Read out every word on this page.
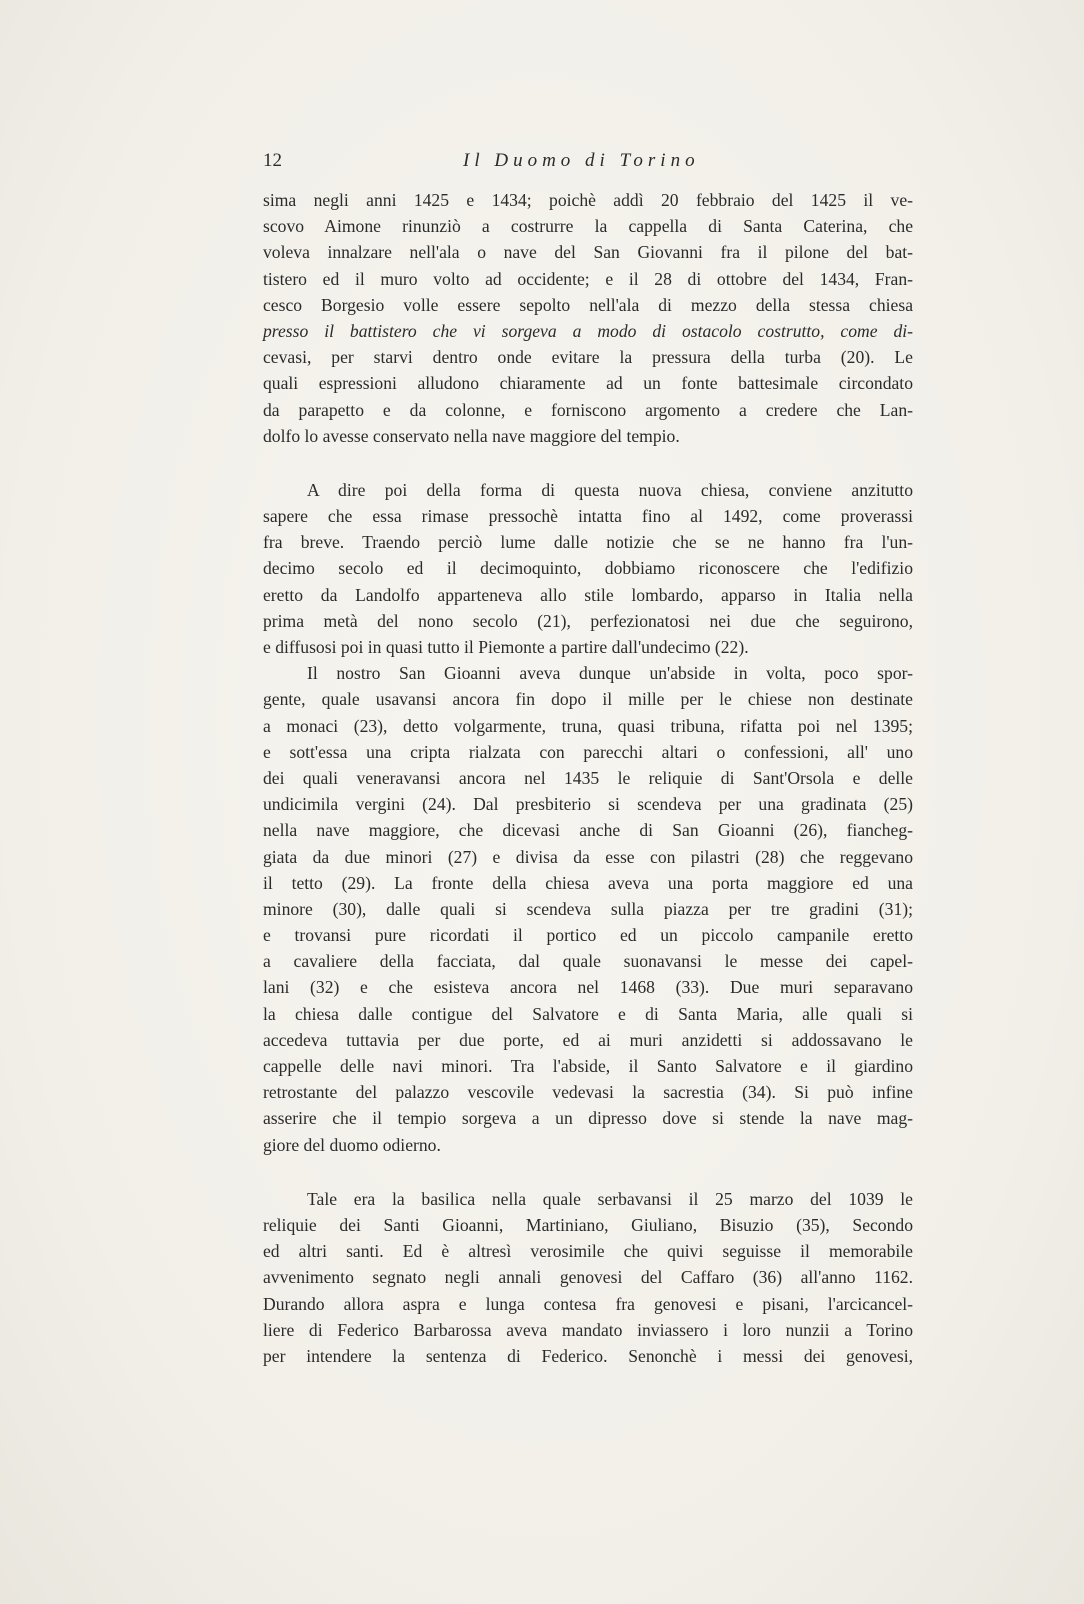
12	Il Duomo di Torino
sima negli anni 1425 e 1434; poichè addì 20 febbraio del 1425 il ve-
scovo Aimone rinunziò a costrurre la cappella di Santa Caterina, che
voleva innalzare nell'ala o nave del San Giovanni fra il pilone del bat-
tistero ed il muro volto ad occidente; e il 28 di ottobre del 1434, Fran-
cesco Borgesio volle essere sepolto nell'ala di mezzo della stessa chiesa
presso il battistero che vi sorgeva a modo di ostacolo costrutto, come di-
cevasi, per starvi dentro onde evitare la pressura della turba (20). Le
quali espressioni alludono chiaramente ad un fonte battesimale circondato
da parapetto e da colonne, e forniscono argomento a credere che Lan-
dolfo lo avesse conservato nella nave maggiore del tempio.
A dire poi della forma di questa nuova chiesa, conviene anzitutto
sapere che essa rimase pressochè intatta fino al 1492, come proverassi
fra breve. Traendo perciò lume dalle notizie che se ne hanno fra l'un-
decimo secolo ed il decimoquinto, dobbiamo riconoscere che l'edifizio
eretto da Landolfo apparteneva allo stile lombardo, apparso in Italia nella
prima metà del nono secolo (21), perfezionatosi nei due che seguirono,
e diffusosi poi in quasi tutto il Piemonte a partire dall'undecimo (22).
Il nostro San Gioanni aveva dunque un'abside in volta, poco spor-
gente, quale usavansi ancora fin dopo il mille per le chiese non destinate
a monaci (23), detto volgarmente, truna, quasi tribuna, rifatta poi nel 1395;
e sott'essa una cripta rialzata con parecchi altari o confessioni, all' uno
dei quali veneravansi ancora nel 1435 le reliquie di Sant'Orsola e delle
undicimila vergini (24). Dal presbiterio si scendeva per una gradinata (25)
nella nave maggiore, che dicevasi anche di San Gioanni (26), fiancheg-
giata da due minori (27) e divisa da esse con pilastri (28) che reggevano
il tetto (29). La fronte della chiesa aveva una porta maggiore ed una
minore (30), dalle quali si scendeva sulla piazza per tre gradini (31);
e trovansi pure ricordati il portico ed un piccolo campanile eretto
a cavaliere della facciata, dal quale suonavansi le messe dei capel-
lani (32) e che esisteva ancora nel 1468 (33). Due muri separavano
la chiesa dalle contigue del Salvatore e di Santa Maria, alle quali si
accedeva tuttavia per due porte, ed ai muri anzidetti si addossavano le
cappelle delle navi minori. Tra l'abside, il Santo Salvatore e il giardino
retrostante del palazzo vescovile vedevasi la sacrestia (34). Si può infine
asserire che il tempio sorgeva a un dipresso dove si stende la nave mag-
giore del duomo odierno.
Tale era la basilica nella quale serbavansi il 25 marzo del 1039 le
reliquie dei Santi Gioanni, Martiniano, Giuliano, Bisuzio (35), Secondo
ed altri santi. Ed è altresì verosimile che quivi seguisse il memorabile
avvenimento segnato negli annali genovesi del Caffaro (36) all'anno 1162.
Durando allora aspra e lunga contesa fra genovesi e pisani, l'arcicancel-
liere di Federico Barbarossa aveva mandato inviassero i loro nunzii a Torino
per intendere la sentenza di Federico. Senonchè i messi dei genovesi,
